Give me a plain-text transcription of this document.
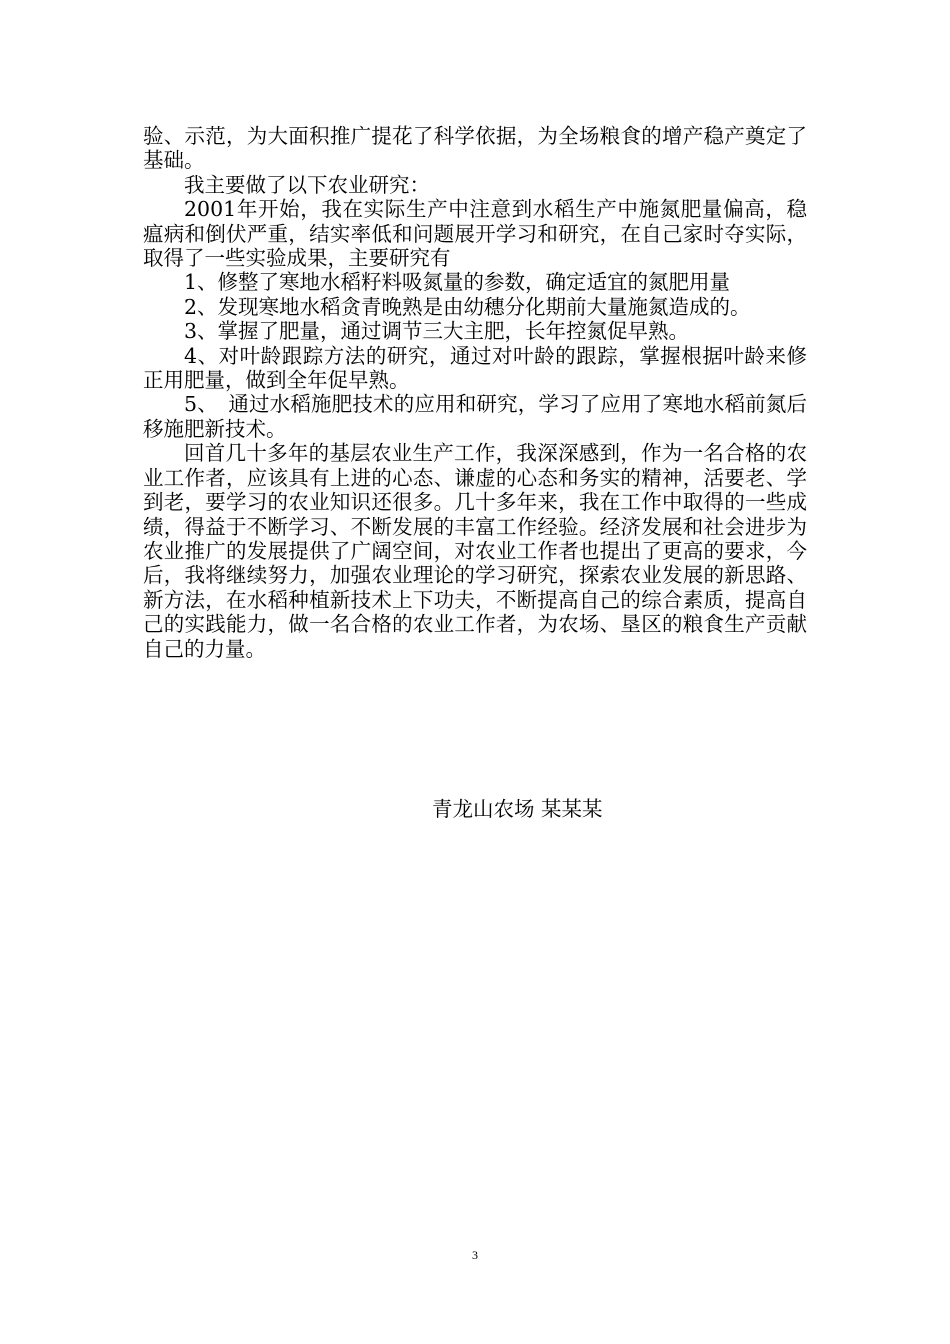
验、示范，为大面积推广提花了科学依据，为全场粮食的增产稳产奠定了基础。

我主要做了以下农业研究：

2001年开始，我在实际生产中注意到水稻生产中施氮肥量偏高，稳瘟病和倒伏严重，结实率低和问题展开学习和研究，在自己家时夺实际，取得了一些实验成果，主要研究有

1、修整了寒地水稻籽料吸氮量的参数，确定适宜的氮肥用量

2、发现寒地水稻贪青晚熟是由幼穗分化期前大量施氮造成的。

3、掌握了肥量，通过调节三大主肥，长年控氮促早熟。

4、对叶龄跟踪方法的研究，通过对叶龄的跟踪，掌握根据叶龄来修正用肥量，做到全年促早熟。

5、　通过水稻施肥技术的应用和研究，学习了应用了寒地水稻前氮后移施肥新技术。

回首几十多年的基层农业生产工作，我深深感到，作为一名合格的农业工作者，应该具有上进的心态、谦虚的心态和务实的精神，活要老、学到老，要学习的农业知识还很多。几十多年来，我在工作中取得的一些成绩，得益于不断学习、不断发展的丰富工作经验。经济发展和社会进步为农业推广的发展提供了广阔空间，对农业工作者也提出了更高的要求，今后，我将继续努力，加强农业理论的学习研究，探索农业发展的新思路、新方法，在水稻种植新技术上下功夫，不断提高自己的综合素质，提高自己的实践能力，做一名合格的农业工作者，为农场、垦区的粮食生产贡献自己的力量。

青龙山农场 某某某
3
